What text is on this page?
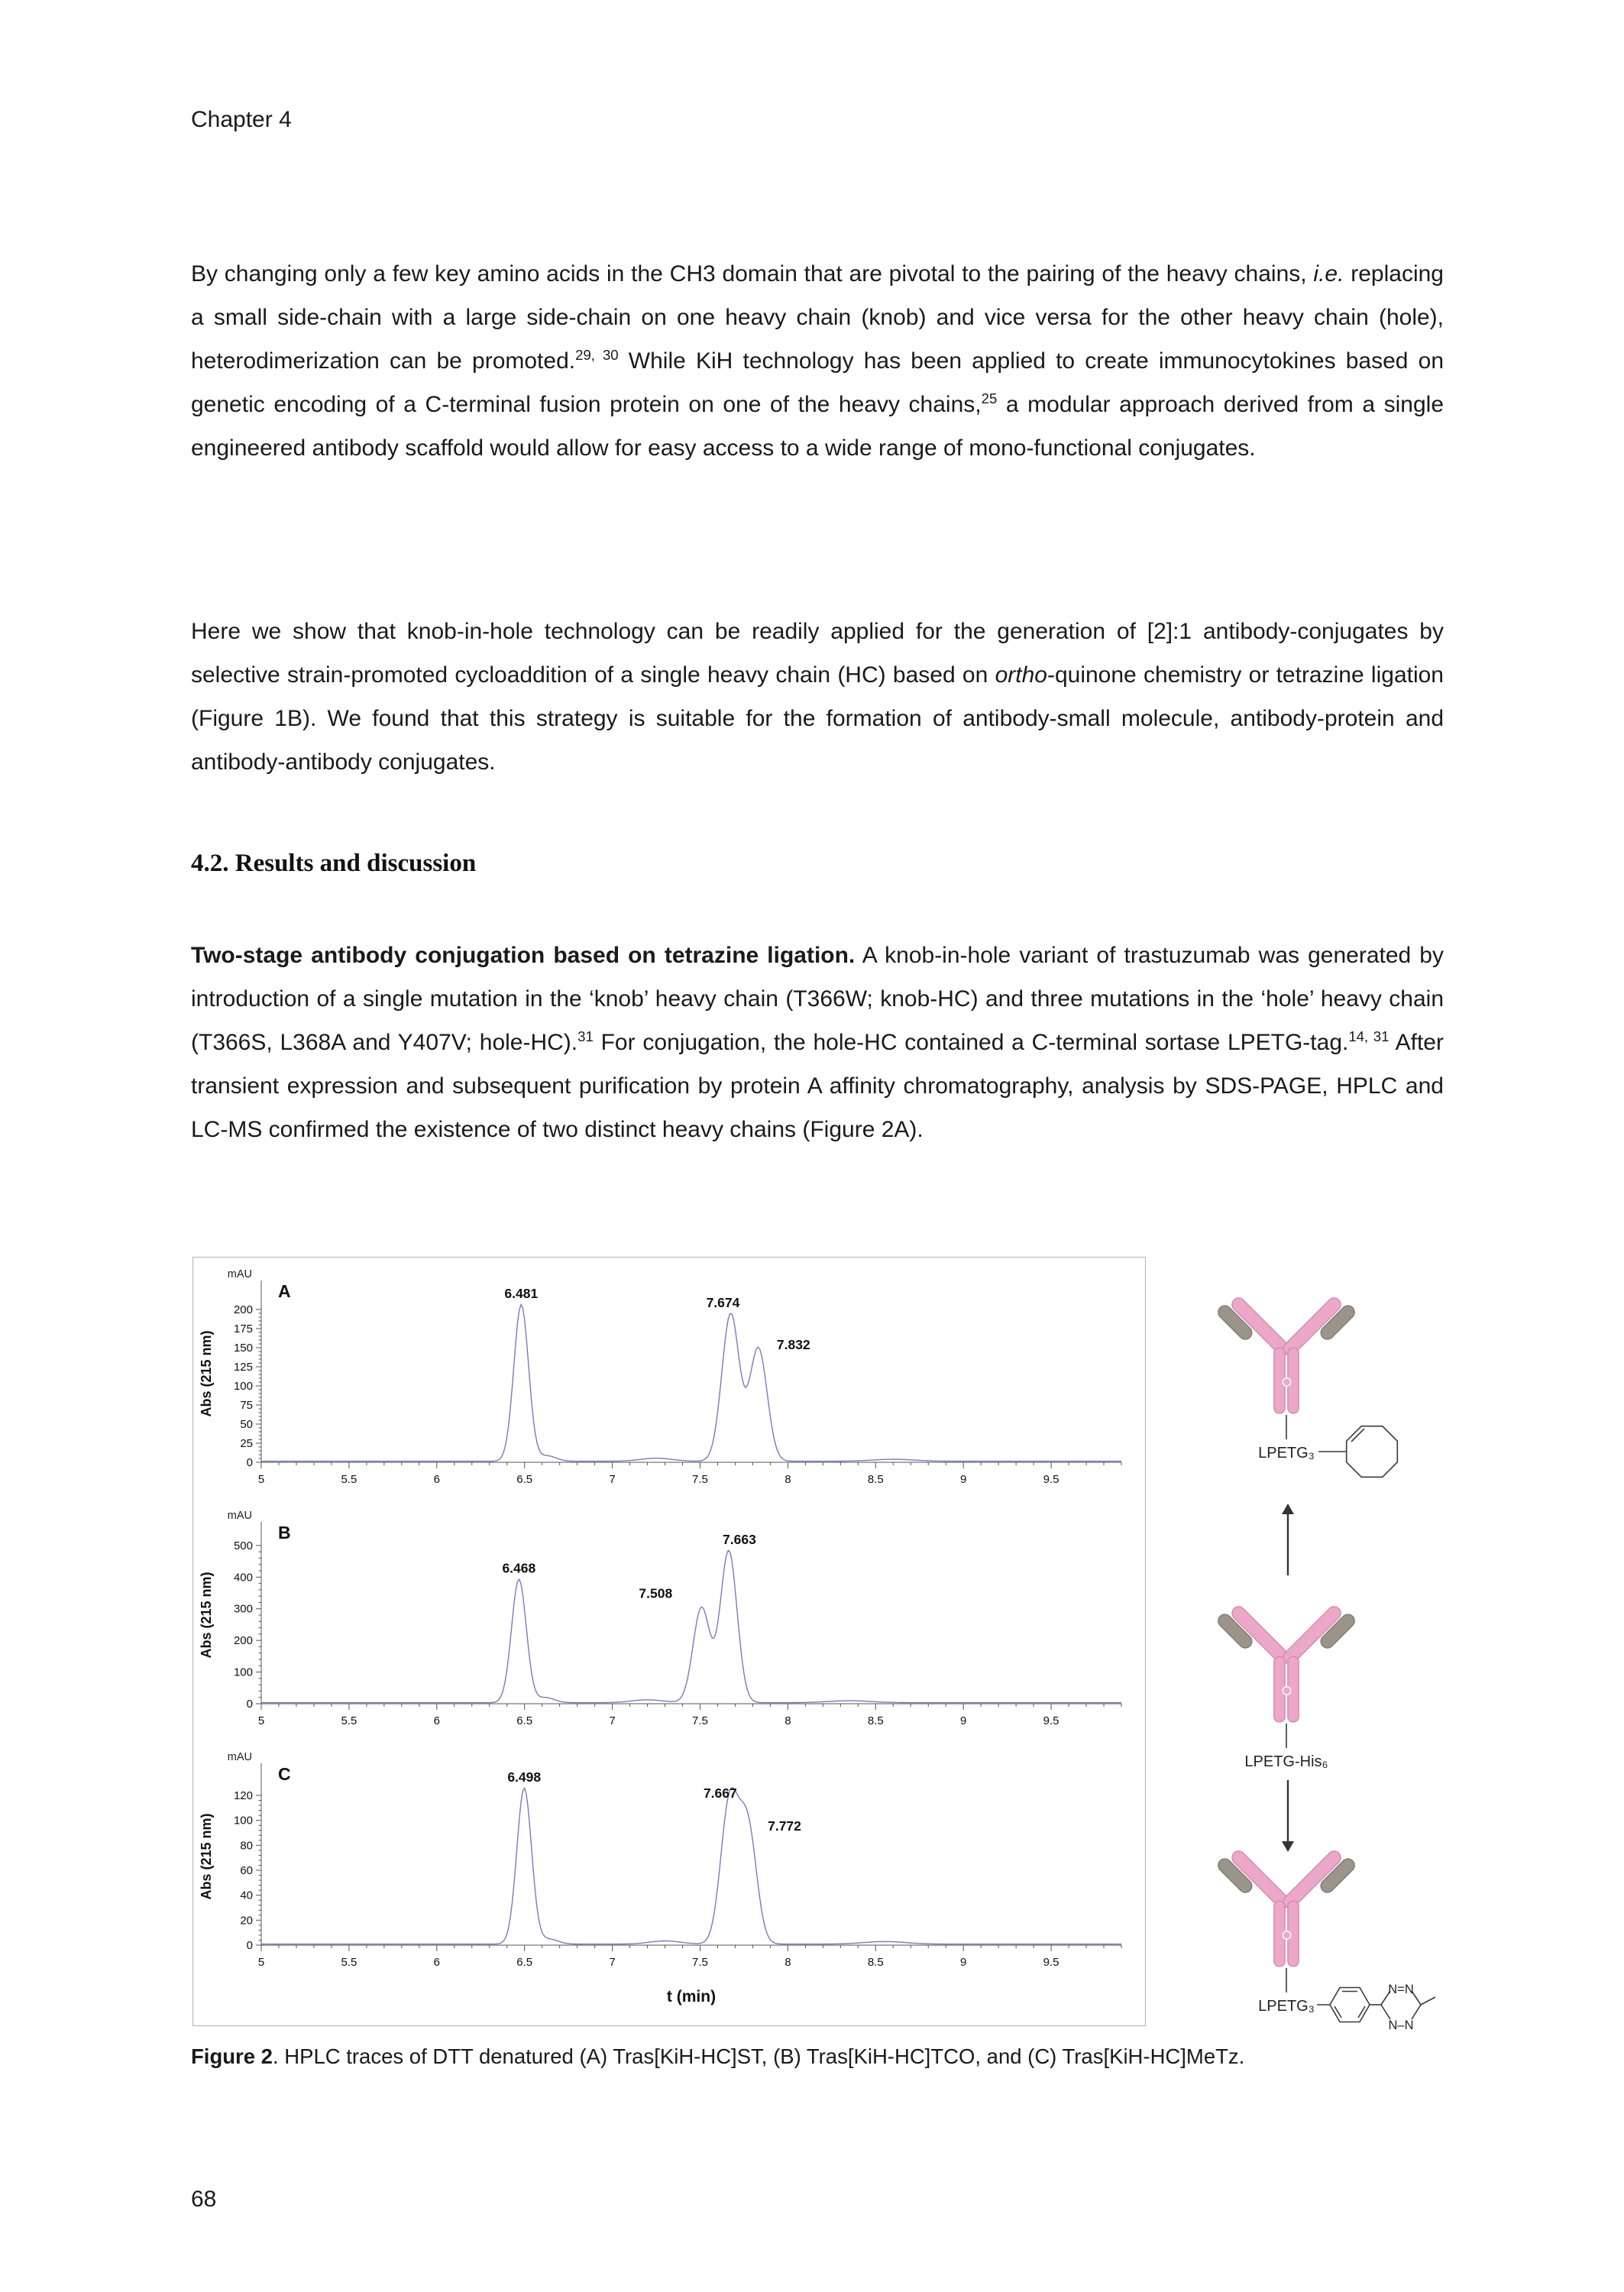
Chapter 4

By changing only a few key amino acids in the CH3 domain that are pivotal to the pairing of the heavy chains, i.e. replacing a small side-chain with a large side-chain on one heavy chain (knob) and vice versa for the other heavy chain (hole), heterodimerization can be promoted.$^{29, 30}$ While KiH technology has been applied to create immunocytokines based on genetic encoding of a C-terminal fusion protein on one of the heavy chains,$^{25}$ a modular approach derived from a single engineered antibody scaffold would allow for easy access to a wide range of mono-functional conjugates.

Here we show that knob-in-hole technology can be readily applied for the generation of [2]:1 antibody-conjugates by selective strain-promoted cycloaddition of a single heavy chain (HC) based on ortho-quinone chemistry or tetrazine ligation (Figure 1B). We found that this strategy is suitable for the formation of antibody-small molecule, antibody-protein and antibody-antibody conjugates.

4.2. Results and discussion

Two-stage antibody conjugation based on tetrazine ligation. A knob-in-hole variant of trastuzumab was generated by introduction of a single mutation in the ‘knob’ heavy chain (T366W; knob-HC) and three mutations in the ‘hole’ heavy chain (T366S, L368A and Y407V; hole-HC).$^{31}$ For conjugation, the hole-HC contained a C-terminal sortase LPETG-tag.$^{14, 31}$ After transient expression and subsequent purification by protein A affinity chromatography, analysis by SDS-PAGE, HPLC and LC-MS confirmed the existence of two distinct heavy chains (Figure 2A).

5	5.5	6	6.5	7	7.5	8	8.5	9	9.5
0
25
50
75
100
125
150
175
200
6.481
7.674
7.832
A
mAU
Abs (215 nm)
5	5.5	6	6.5	7	7.5	8	8.5	9	9.5
0
100
200
300
400
500
6.468
7.508
7.663
B
mAU
Abs (215 nm)
5	5.5	6	6.5	7	7.5	8	8.5	9	9.5
0
20
40
60
80
100
120
6.498
7.667
7.772
C
mAU
Abs (215 nm)
t (min)
LPETG₃
LPETG-His₆
LPETG₃
N=N
N–N

Figure 2. HPLC traces of DTT denatured (A) Tras[KiH-HC]ST, (B) Tras[KiH-HC]TCO, and (C) Tras[KiH-HC]MeTz.

68
